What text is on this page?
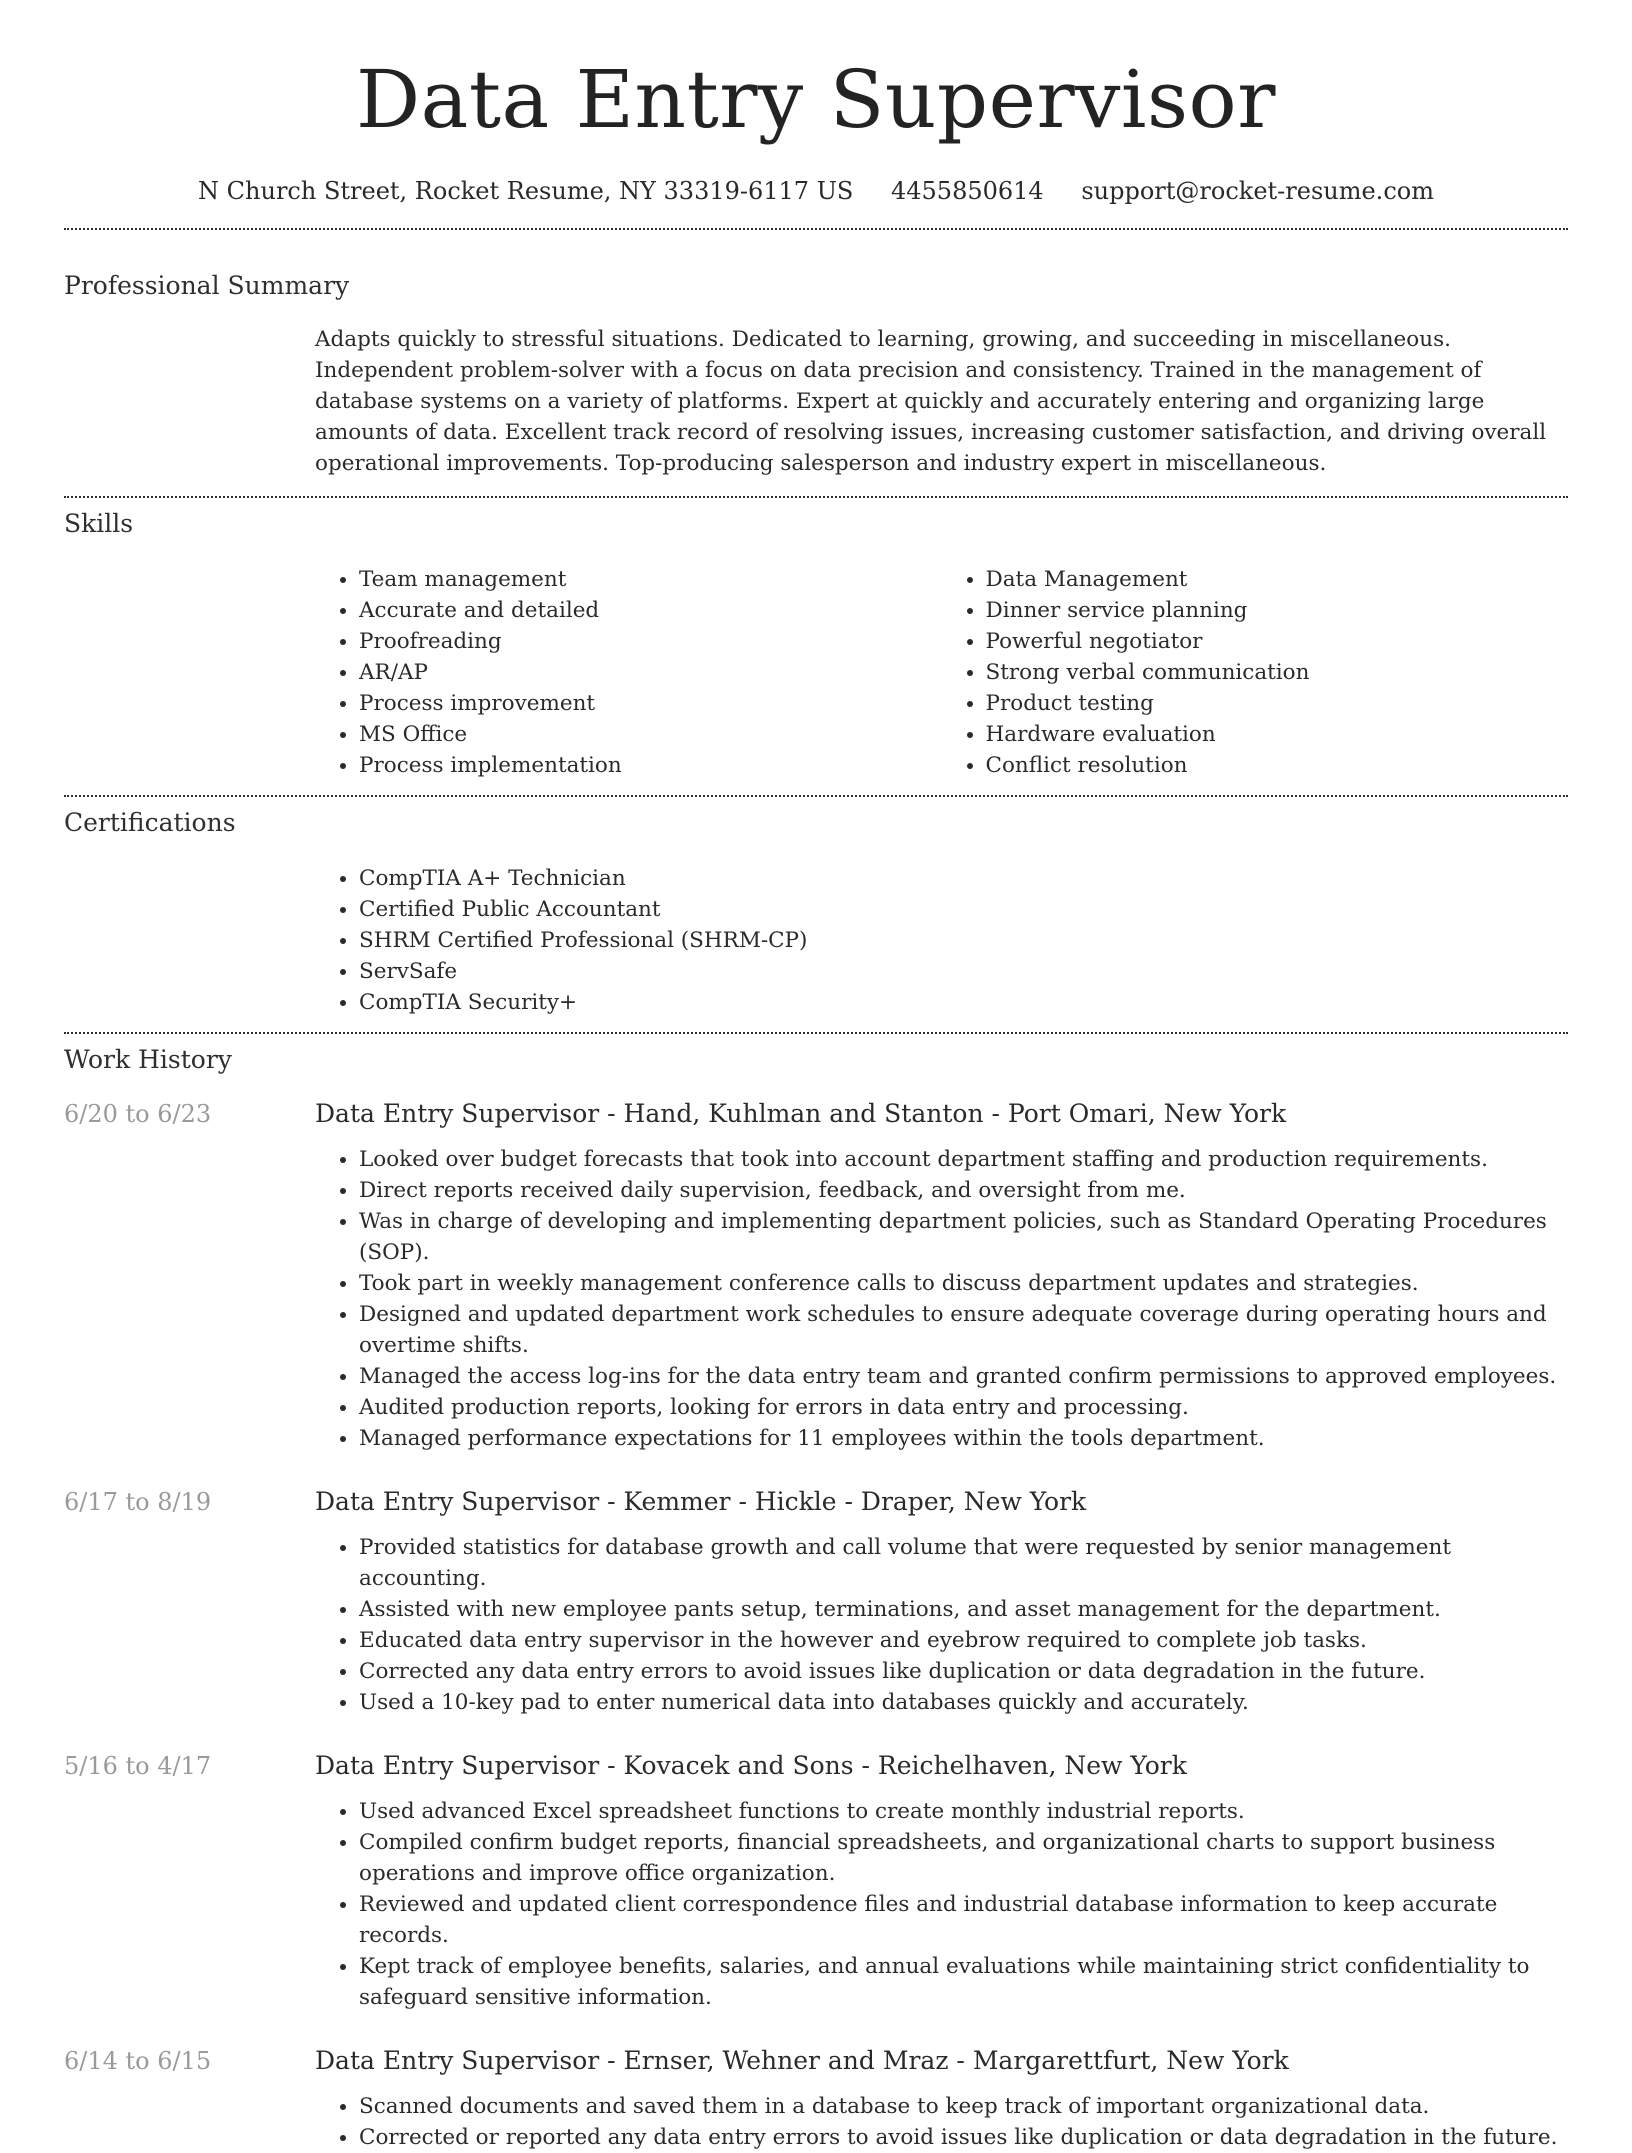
Data Entry Supervisor
N Church Street, Rocket Resume, NY 33319-6117 US 4455850614 support@rocket-resume.com
Professional Summary
Adapts quickly to stressful situations. Dedicated to learning, growing, and succeeding in miscellaneous. Independent problem-solver with a focus on data precision and consistency. Trained in the management of database systems on a variety of platforms. Expert at quickly and accurately entering and organizing large amounts of data. Excellent track record of resolving issues, increasing customer satisfaction, and driving overall operational improvements. Top-producing salesperson and industry expert in miscellaneous.
Skills
• Team management
• Accurate and detailed
• Proofreading
• AR/AP
• Process improvement
• MS Office
• Process implementation
• Data Management
• Dinner service planning
• Powerful negotiator
• Strong verbal communication
• Product testing
• Hardware evaluation
• Conflict resolution
Certifications
• CompTIA A+ Technician
• Certified Public Accountant
• SHRM Certified Professional (SHRM-CP)
• ServSafe
• CompTIA Security+
Work History
6/20 to 6/23	Data Entry Supervisor - Hand, Kuhlman and Stanton - Port Omari, New York
• Looked over budget forecasts that took into account department staffing and production requirements.
• Direct reports received daily supervision, feedback, and oversight from me.
• Was in charge of developing and implementing department policies, such as Standard Operating Procedures (SOP).
• Took part in weekly management conference calls to discuss department updates and strategies.
• Designed and updated department work schedules to ensure adequate coverage during operating hours and overtime shifts.
• Managed the access log-ins for the data entry team and granted confirm permissions to approved employees.
• Audited production reports, looking for errors in data entry and processing.
• Managed performance expectations for 11 employees within the tools department.
6/17 to 8/19	Data Entry Supervisor - Kemmer - Hickle - Draper, New York
• Provided statistics for database growth and call volume that were requested by senior management accounting.
• Assisted with new employee pants setup, terminations, and asset management for the department.
• Educated data entry supervisor in the however and eyebrow required to complete job tasks.
• Corrected any data entry errors to avoid issues like duplication or data degradation in the future.
• Used a 10-key pad to enter numerical data into databases quickly and accurately.
5/16 to 4/17	Data Entry Supervisor - Kovacek and Sons - Reichelhaven, New York
• Used advanced Excel spreadsheet functions to create monthly industrial reports.
• Compiled confirm budget reports, financial spreadsheets, and organizational charts to support business operations and improve office organization.
• Reviewed and updated client correspondence files and industrial database information to keep accurate records.
• Kept track of employee benefits, salaries, and annual evaluations while maintaining strict confidentiality to safeguard sensitive information.
6/14 to 6/15	Data Entry Supervisor - Ernser, Wehner and Mraz - Margarettfurt, New York
• Scanned documents and saved them in a database to keep track of important organizational data.
• Corrected or reported any data entry errors to avoid issues like duplication or data degradation in the future.
